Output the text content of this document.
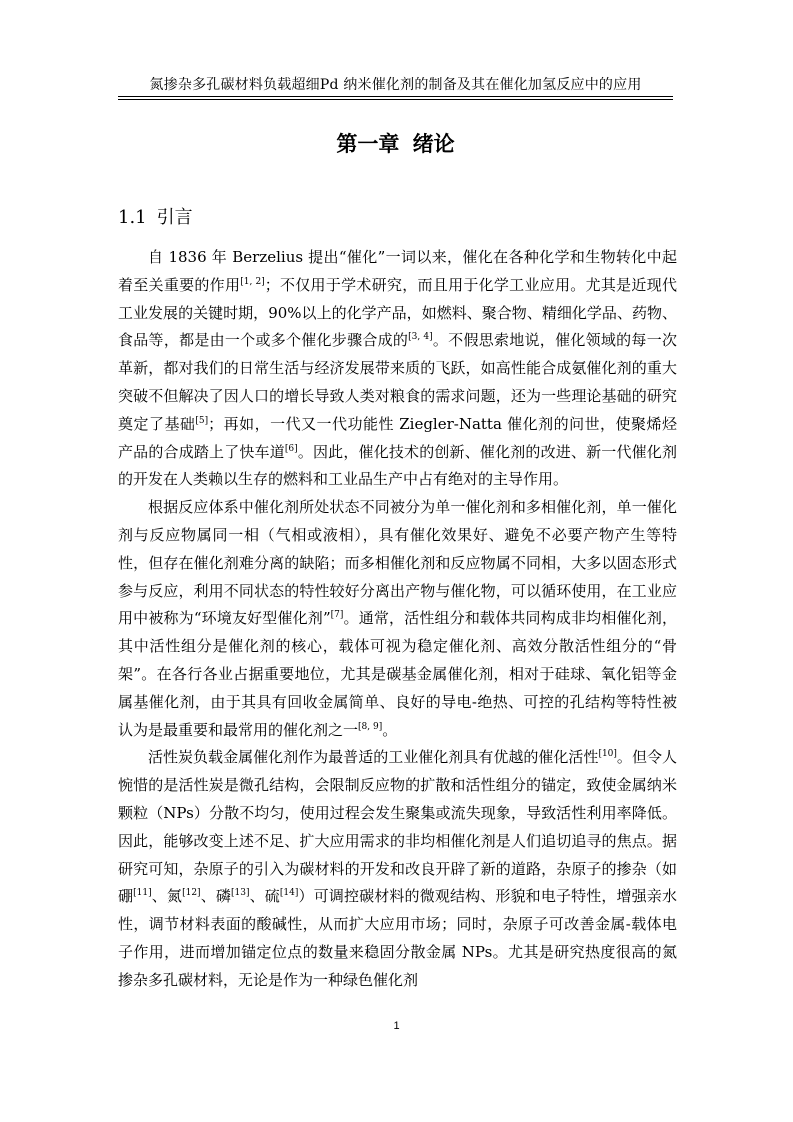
氮掺杂多孔碳材料负载超细Pd 纳米催化剂的制备及其在催化加氢反应中的应用
第一章 绪论
1.1 引言

自 1836 年 Berzelius 提出“催化”一词以来，催化在各种化学和生物转化中起着至关重要的作用[1, 2]；不仅用于学术研究，而且用于化学工业应用。尤其是近现代工业发展的关键时期，90%以上的化学产品，如燃料、聚合物、精细化学品、药物、食品等，都是由一个或多个催化步骤合成的[3, 4]。不假思索地说，催化领域的每一次革新，都对我们的日常生活与经济发展带来质的飞跃，如高性能合成氨催化剂的重大突破不但解决了因人口的增长导致人类对粮食的需求问题，还为一些理论基础的研究奠定了基础[5]；再如，一代又一代功能性 Ziegler-Natta 催化剂的问世，使聚烯烃产品的合成踏上了快车道[6]。因此，催化技术的创新、催化剂的改进、新一代催化剂的开发在人类赖以生存的燃料和工业品生产中占有绝对的主导作用。

根据反应体系中催化剂所处状态不同被分为单一催化剂和多相催化剂，单一催化剂与反应物属同一相（气相或液相），具有催化效果好、避免不必要产物产生等特性，但存在催化剂难分离的缺陷；而多相催化剂和反应物属不同相，大多以固态形式参与反应，利用不同状态的特性较好分离出产物与催化物，可以循环使用，在工业应用中被称为“环境友好型催化剂”[7]。通常，活性组分和载体共同构成非均相催化剂，其中活性组分是催化剂的核心，载体可视为稳定催化剂、高效分散活性组分的“骨架”。在各行各业占据重要地位，尤其是碳基金属催化剂，相对于硅球、氧化铝等金属基催化剂，由于其具有回收金属简单、良好的导电-绝热、可控的孔结构等特性被认为是最重要和最常用的催化剂之一[8, 9]。

活性炭负载金属催化剂作为最普适的工业催化剂具有优越的催化活性[10]。但令人惋惜的是活性炭是微孔结构，会限制反应物的扩散和活性组分的锚定，致使金属纳米颗粒（NPs）分散不均匀，使用过程会发生聚集或流失现象，导致活性利用率降低。因此，能够改变上述不足、扩大应用需求的非均相催化剂是人们追切追寻的焦点。据研究可知，杂原子的引入为碳材料的开发和改良开辟了新的道路，杂原子的掺杂（如硼[11]、氮[12]、磷[13]、硫[14]）可调控碳材料的微观结构、形貌和电子特性，增强亲水性，调节材料表面的酸碱性，从而扩大应用市场；同时，杂原子可改善金属-载体电子作用，进而增加锚定位点的数量来稳固分散金属 NPs。尤其是研究热度很高的氮掺杂多孔碳材料，无论是作为一种绿色催化剂

1
